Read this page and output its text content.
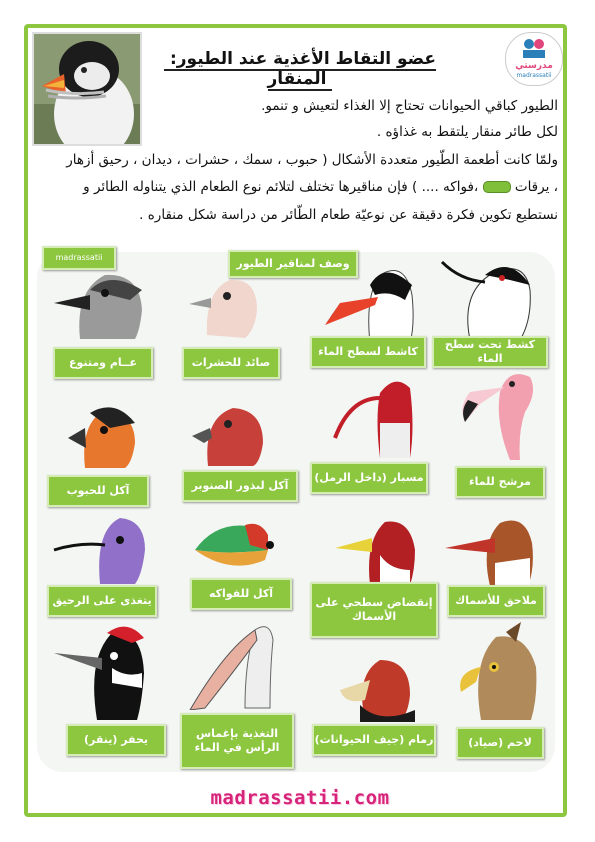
عضو التقاط الأغذية عند الطيور: المنقار
مدرستي
madrassatii

الطيور كباقي الحيوانات تحتاج إلا الغذاء لتعيش و تنمو.

لكل طائر منقار يلتقط به غذاؤه .

ولمّا كانت أطعمة الطّيور متعددة الأشكال ( حبوب ، سمك ، حشرات ، ديدان ، رحيق أزهار

، يرقات  ،فواكه .... ) فإن مناقيرها تختلف لتلائم نوع الطعام الذي يتناوله الطائر و

نستطيع تكوين فكرة دقيقة عن نوعيّة طعام الطّائر من دراسة شكل منقاره .

madrassatii	وصف لمناقير الطيور
كشط تحت سطح الماء
كاشط لسطح الماء
صائد للحشرات
عــام ومتنوع
مرشح للماء
مسبار (داخل الرمل)
آكل لبذور الصنوبر
آكل للحبوب
ملاحق للأسماك
إنقضاض سطحي على الأسماك
آكل للفواكه
يتغذى على الرحيق
لاحم (صياد)
رمام (جيف الحيوانات)
التغذية بإغماس الرأس في الماء
يحفر (ينقر)
madrassatii.com
